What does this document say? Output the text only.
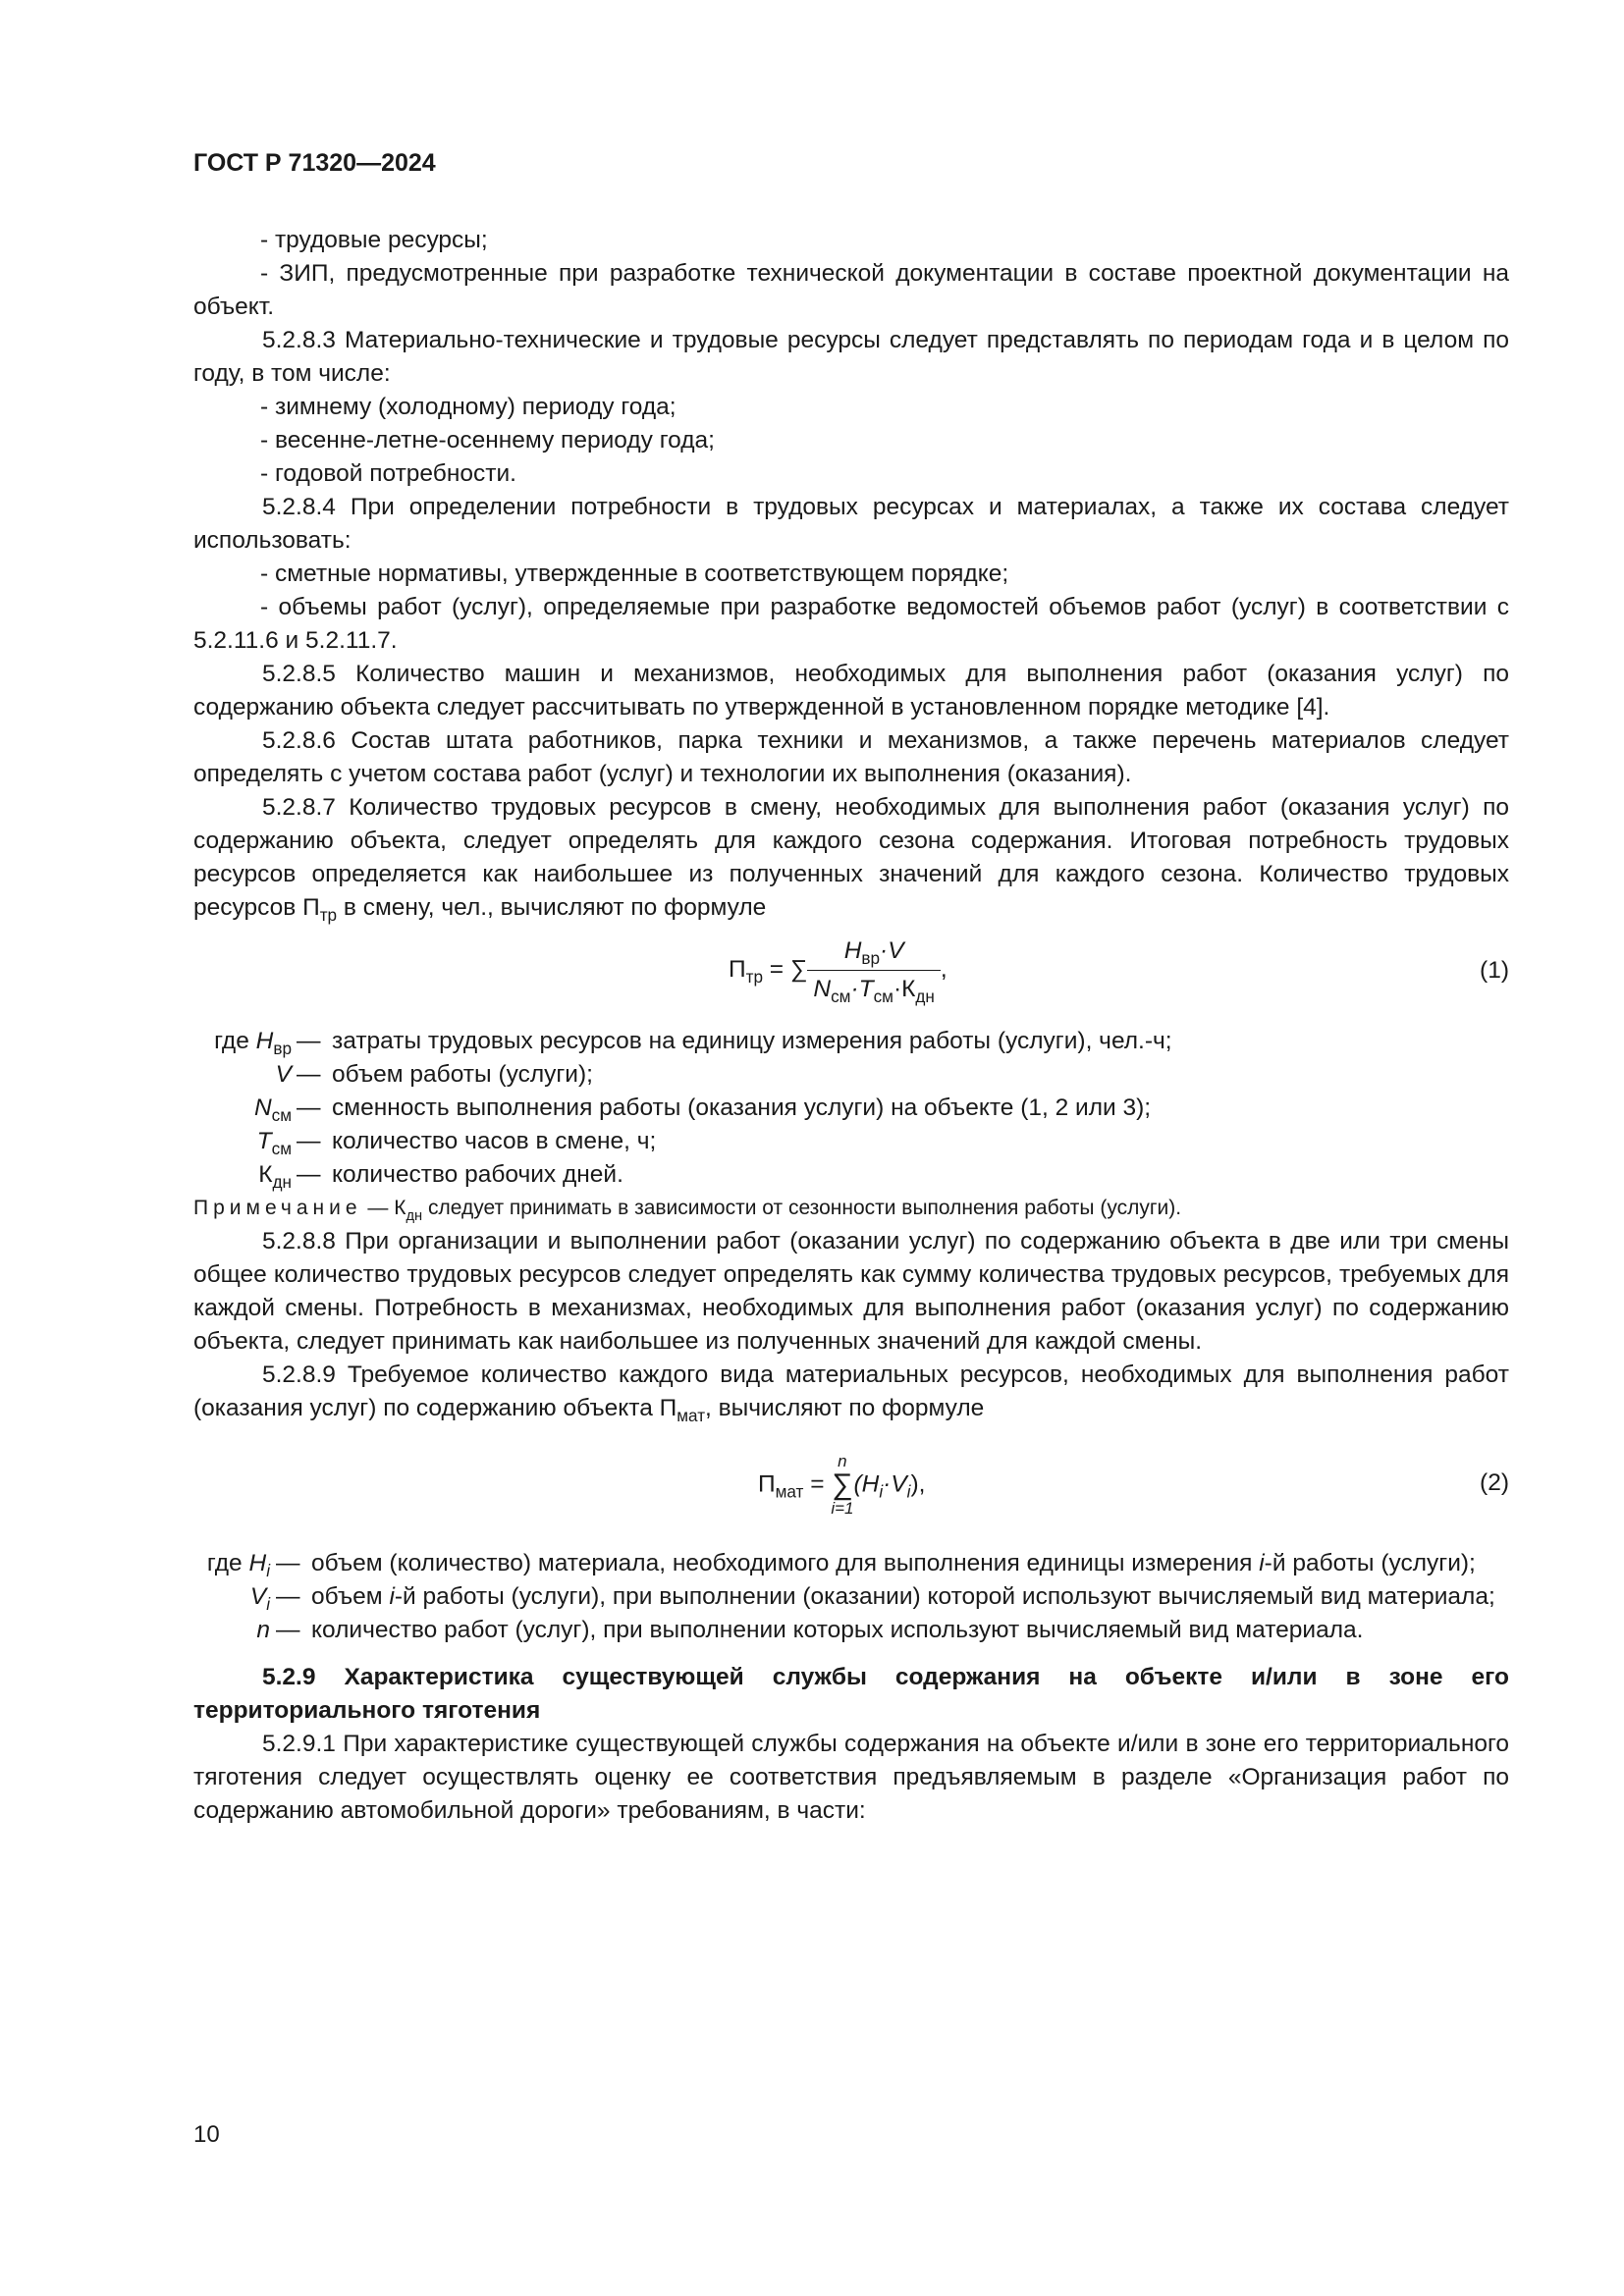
ГОСТ Р 71320—2024

- трудовые ресурсы;

- ЗИП, предусмотренные при разработке технической документации в составе проектной документации на объект.

5.2.8.3 Материально-технические и трудовые ресурсы следует представлять по периодам года и в целом по году, в том числе:

- зимнему (холодному) периоду года;

- весенне-летне-осеннему периоду года;

- годовой потребности.

5.2.8.4 При определении потребности в трудовых ресурсах и материалах, а также их состава следует использовать:

- сметные нормативы, утвержденные в соответствующем порядке;

- объемы работ (услуг), определяемые при разработке ведомостей объемов работ (услуг) в соответствии с 5.2.11.6 и 5.2.11.7.

5.2.8.5 Количество машин и механизмов, необходимых для выполнения работ (оказания услуг) по содержанию объекта следует рассчитывать по утвержденной в установленном порядке методике [4].

5.2.8.6 Состав штата работников, парка техники и механизмов, а также перечень материалов следует определять с учетом состава работ (услуг) и технологии их выполнения (оказания).

5.2.8.7 Количество трудовых ресурсов в смену, необходимых для выполнения работ (оказания услуг) по содержанию объекта, следует определять для каждого сезона содержания. Итоговая потребность трудовых ресурсов определяется как наибольшее из полученных значений для каждого сезона. Количество трудовых ресурсов $П_{тр}$ в смену, чел., вычисляют по формуле

$П_{тр}$ = ∑ $\frac{Н_{вр}\cdot V}{N_{см}\cdot T_{см}\cdot К_{дн}}$ ,	(1)
где $Н_{вр}$ — затраты трудовых ресурсов на единицу измерения работы (услуги), чел.-ч;
V — объем работы (услуги);
$N_{см}$ — сменность выполнения работы (оказания услуги) на объекте (1, 2 или 3);
$T_{см}$ — количество часов в смене, ч;
$К_{дн}$ — количество рабочих дней.

Примечание — $К_{дн}$ следует принимать в зависимости от сезонности выполнения работы (услуги).

5.2.8.8 При организации и выполнении работ (оказании услуг) по содержанию объекта в две или три смены общее количество трудовых ресурсов следует определять как сумму количества трудовых ресурсов, требуемых для каждой смены. Потребность в механизмах, необходимых для выполнения работ (оказания услуг) по содержанию объекта, следует принимать как наибольшее из полученных значений для каждой смены.

5.2.8.9 Требуемое количество каждого вида материальных ресурсов, необходимых для выполнения работ (оказания услуг) по содержанию объекта $П_{мат}$, вычисляют по формуле

$П_{мат}$ =
n
∑
i=1
$(H_i\cdot V_i)$,	(2)
где $H_i$ — объем (количество) материала, необходимого для выполнения единицы измерения i-й работы (услуги);
$V_i$ — объем i-й работы (услуги), при выполнении (оказании) которой используют вычисляемый вид материала;
n — количество работ (услуг), при выполнении которых используют вычисляемый вид материала.

5.2.9 Характеристика существующей службы содержания на объекте и/или в зоне его территориального тяготения

5.2.9.1 При характеристике существующей службы содержания на объекте и/или в зоне его территориального тяготения следует осуществлять оценку ее соответствия предъявляемым в разделе «Организация работ по содержанию автомобильной дороги» требованиям, в части:

10
